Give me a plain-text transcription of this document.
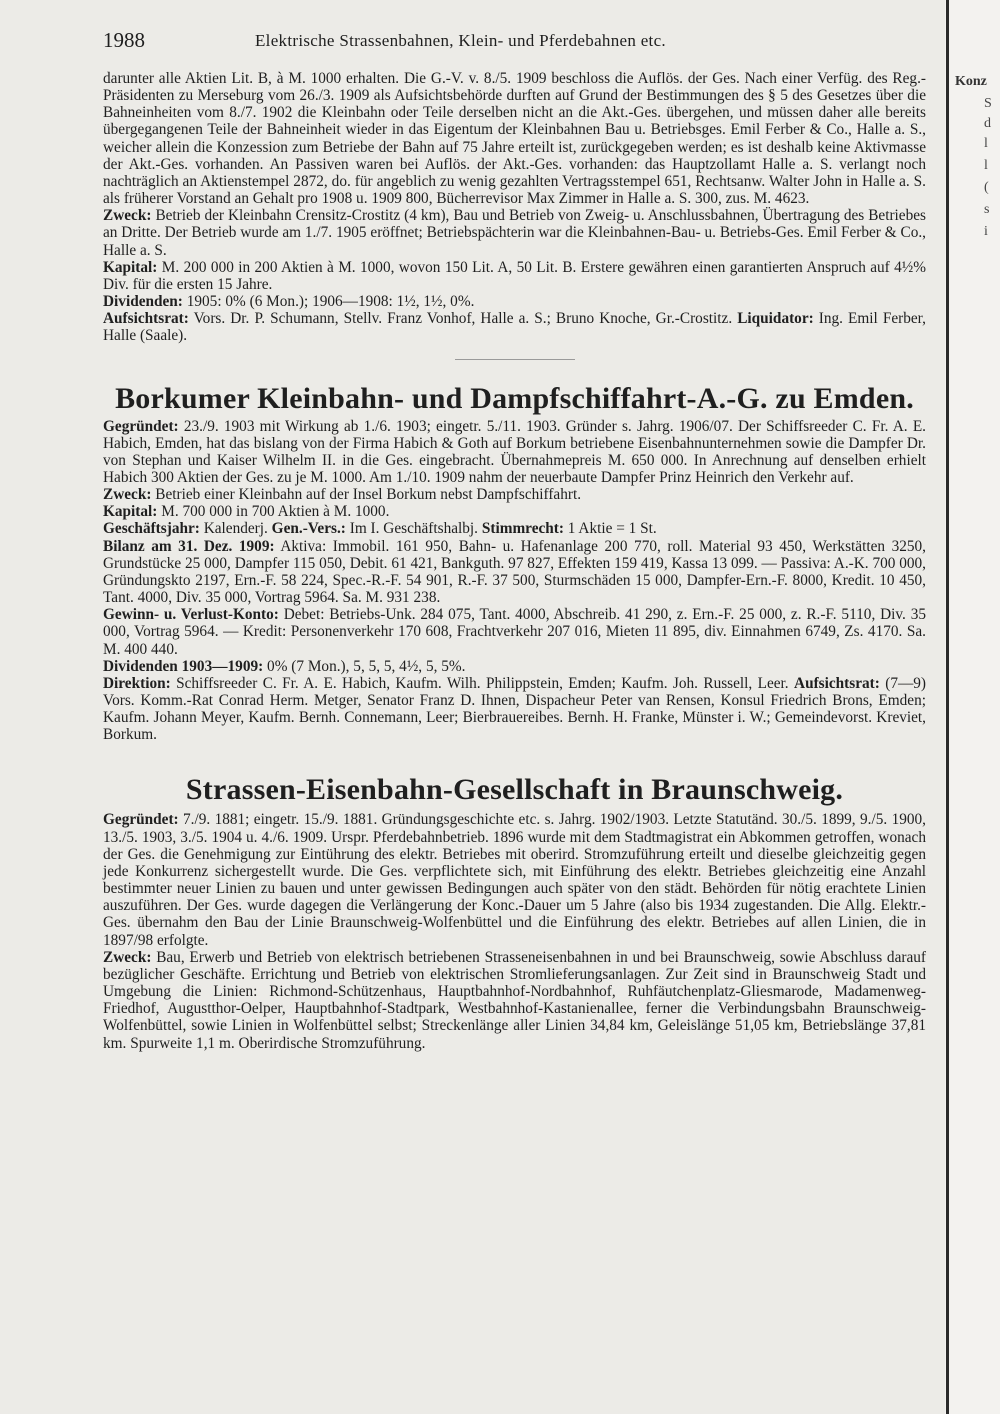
Konz
S
d
l
l
(
s
i
1988	Elektrische Strassenbahnen, Klein- und Pferdebahnen etc.

darunter alle Aktien Lit. B, à M. 1000 erhalten. Die G.-V. v. 8./5. 1909 beschloss die Auflös. der Ges. Nach einer Verfüg. des Reg.-Präsidenten zu Merseburg vom 26./3. 1909 als Aufsichtsbehörde durften auf Grund der Bestimmungen des § 5 des Gesetzes über die Bahneinheiten vom 8./7. 1902 die Kleinbahn oder Teile derselben nicht an die Akt.-Ges. übergehen, und müssen daher alle bereits übergegangenen Teile der Bahneinheit wieder in das Eigentum der Kleinbahnen Bau u. Betriebsges. Emil Ferber & Co., Halle a. S., weicher allein die Konzession zum Betriebe der Bahn auf 75 Jahre erteilt ist, zurückgegeben werden; es ist deshalb keine Aktivmasse der Akt.-Ges. vorhanden. An Passiven waren bei Auflös. der Akt.-Ges. vorhanden: das Hauptzollamt Halle a. S. verlangt noch nachträglich an Aktienstempel 2872, do. für angeblich zu wenig gezahlten Vertragsstempel 651, Rechtsanw. Walter John in Halle a. S. als früherer Vorstand an Gehalt pro 1908 u. 1909 800, Bücherrevisor Max Zimmer in Halle a. S. 300, zus. M. 4623.

Zweck: Betrieb der Kleinbahn Crensitz-Crostitz (4 km), Bau und Betrieb von Zweig- u. Anschlussbahnen, Übertragung des Betriebes an Dritte. Der Betrieb wurde am 1./7. 1905 eröffnet; Betriebspächterin war die Kleinbahnen-Bau- u. Betriebs-Ges. Emil Ferber & Co., Halle a. S.

Kapital: M. 200 000 in 200 Aktien à M. 1000, wovon 150 Lit. A, 50 Lit. B. Erstere gewähren einen garantierten Anspruch auf 4½% Div. für die ersten 15 Jahre.

Dividenden: 1905: 0% (6 Mon.); 1906—1908: 1½, 1½, 0%.

Aufsichtsrat: Vors. Dr. P. Schumann, Stellv. Franz Vonhof, Halle a. S.; Bruno Knoche, Gr.-Crostitz. Liquidator: Ing. Emil Ferber, Halle (Saale).

Borkumer Kleinbahn- und Dampfschiffahrt-A.-G. zu Emden.

Gegründet: 23./9. 1903 mit Wirkung ab 1./6. 1903; eingetr. 5./11. 1903. Gründer s. Jahrg. 1906/07. Der Schiffsreeder C. Fr. A. E. Habich, Emden, hat das bislang von der Firma Habich & Goth auf Borkum betriebene Eisenbahnunternehmen sowie die Dampfer Dr. von Stephan und Kaiser Wilhelm II. in die Ges. eingebracht. Übernahmepreis M. 650 000. In Anrechnung auf denselben erhielt Habich 300 Aktien der Ges. zu je M. 1000. Am 1./10. 1909 nahm der neuerbaute Dampfer Prinz Heinrich den Verkehr auf.

Zweck: Betrieb einer Kleinbahn auf der Insel Borkum nebst Dampfschiffahrt.

Kapital: M. 700 000 in 700 Aktien à M. 1000.

Geschäftsjahr: Kalenderj. Gen.-Vers.: Im I. Geschäftshalbj. Stimmrecht: 1 Aktie = 1 St.

Bilanz am 31. Dez. 1909: Aktiva: Immobil. 161 950, Bahn- u. Hafenanlage 200 770, roll. Material 93 450, Werkstätten 3250, Grundstücke 25 000, Dampfer 115 050, Debit. 61 421, Bankguth. 97 827, Effekten 159 419, Kassa 13 099. — Passiva: A.-K. 700 000, Gründungskto 2197, Ern.-F. 58 224, Spec.-R.-F. 54 901, R.-F. 37 500, Sturmschäden 15 000, Dampfer-Ern.-F. 8000, Kredit. 10 450, Tant. 4000, Div. 35 000, Vortrag 5964. Sa. M. 931 238.

Gewinn- u. Verlust-Konto: Debet: Betriebs-Unk. 284 075, Tant. 4000, Abschreib. 41 290, z. Ern.-F. 25 000, z. R.-F. 5110, Div. 35 000, Vortrag 5964. — Kredit: Personenverkehr 170 608, Frachtverkehr 207 016, Mieten 11 895, div. Einnahmen 6749, Zs. 4170. Sa. M. 400 440.

Dividenden 1903—1909: 0% (7 Mon.), 5, 5, 5, 4½, 5, 5%.

Direktion: Schiffsreeder C. Fr. A. E. Habich, Kaufm. Wilh. Philippstein, Emden; Kaufm. Joh. Russell, Leer. Aufsichtsrat: (7—9) Vors. Komm.-Rat Conrad Herm. Metger, Senator Franz D. Ihnen, Dispacheur Peter van Rensen, Konsul Friedrich Brons, Emden; Kaufm. Johann Meyer, Kaufm. Bernh. Connemann, Leer; Bierbrauereibes. Bernh. H. Franke, Münster i. W.; Gemeindevorst. Kreviet, Borkum.

Strassen-Eisenbahn-Gesellschaft in Braunschweig.

Gegründet: 7./9. 1881; eingetr. 15./9. 1881. Gründungsgeschichte etc. s. Jahrg. 1902/1903. Letzte Statutänd. 30./5. 1899, 9./5. 1900, 13./5. 1903, 3./5. 1904 u. 4./6. 1909. Urspr. Pferdebahnbetrieb. 1896 wurde mit dem Stadtmagistrat ein Abkommen getroffen, wonach der Ges. die Genehmigung zur Eintührung des elektr. Betriebes mit oberird. Stromzuführung erteilt und dieselbe gleichzeitig gegen jede Konkurrenz sichergestellt wurde. Die Ges. verpflichtete sich, mit Einführung des elektr. Betriebes gleichzeitig eine Anzahl bestimmter neuer Linien zu bauen und unter gewissen Bedingungen auch später von den städt. Behörden für nötig erachtete Linien auszuführen. Der Ges. wurde dagegen die Verlängerung der Konc.-Dauer um 5 Jahre (also bis 1934 zugestanden. Die Allg. Elektr.-Ges. übernahm den Bau der Linie Braunschweig-Wolfenbüttel und die Einführung des elektr. Betriebes auf allen Linien, die in 1897/98 erfolgte.

Zweck: Bau, Erwerb und Betrieb von elektrisch betriebenen Strasseneisenbahnen in und bei Braunschweig, sowie Abschluss darauf bezüglicher Geschäfte. Errichtung und Betrieb von elektrischen Stromlieferungsanlagen. Zur Zeit sind in Braunschweig Stadt und Umgebung die Linien: Richmond-Schützenhaus, Hauptbahnhof-Nordbahnhof, Ruhfäutchenplatz-Gliesmarode, Madamenweg-Friedhof, Augustthor-Oelper, Hauptbahnhof-Stadtpark, Westbahnhof-Kastanienallee, ferner die Verbindungsbahn Braunschweig-Wolfenbüttel, sowie Linien in Wolfenbüttel selbst; Streckenlänge aller Linien 34,84 km, Geleislänge 51,05 km, Betriebslänge 37,81 km. Spurweite 1,1 m. Oberirdische Stromzuführung.
